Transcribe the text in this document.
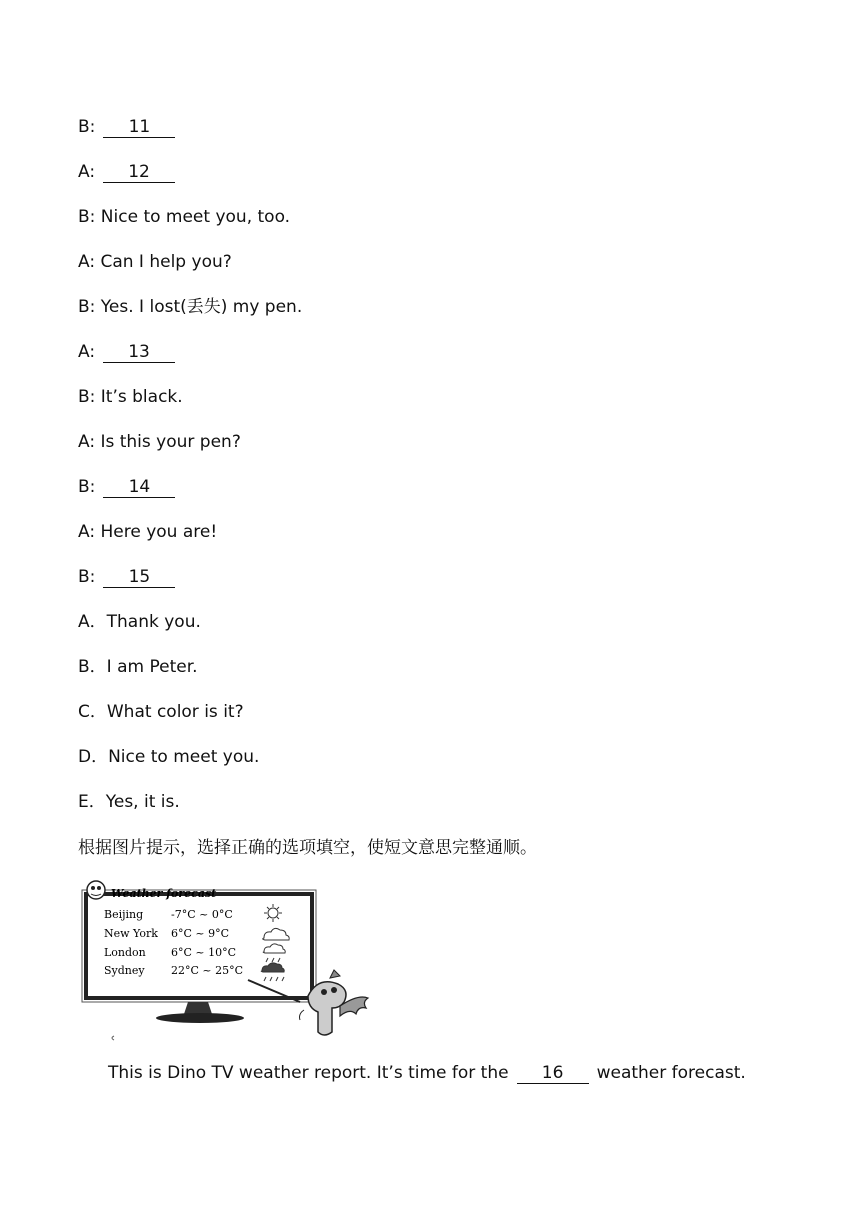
B: 11
A: 12
B: Nice to meet you, too.
A: Can I help you?
B: Yes. I lost(丢失) my pen.
A: 13
B: It’s black.
A: Is this your pen?
B: 14
A: Here you are!
B: 15
A．Thank you.
B．I am Peter.
C．What color is it?
D．Nice to meet you.
E．Yes, it is.
根据图片提示，选择正确的选项填空，使短文意思完整通顺。
Weather forecast
Beijing	-7°C ~ 0°C
New York 6°C ~ 9°C
London 6°C ~ 10°C
Sydney 22°C ~ 25°C
This is Dino TV weather report. It’s time for the 16 weather forecast.
